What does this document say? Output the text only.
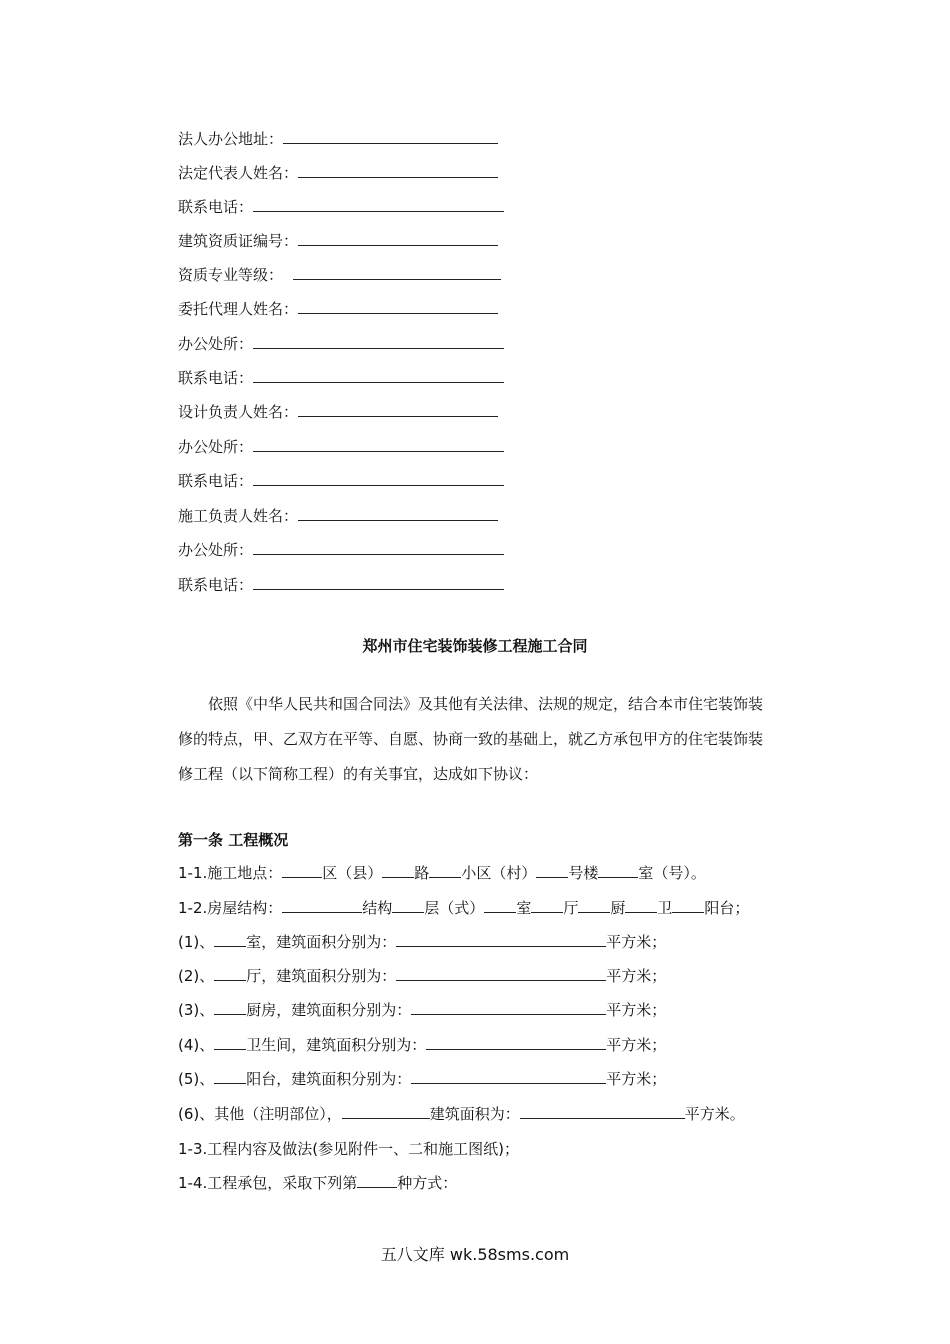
法人办公地址：
法定代表人姓名：
联系电话：
建筑资质证编号：
资质专业等级：
委托代理人姓名：
办公处所：
联系电话：
设计负责人姓名：
办公处所：
联系电话：
施工负责人姓名：
办公处所：
联系电话：
郑州市住宅装饰装修工程施工合同
依照《中华人民共和国合同法》及其他有关法律、法规的规定，结合本市住宅装饰装
修的特点，甲、乙双方在平等、自愿、协商一致的基础上，就乙方承包甲方的住宅装饰装
修工程（以下简称工程）的有关事宜，达成如下协议：
第一条 工程概况
1-1.施工地点：	区（县） 路 小区（村） 号楼	室（号）。
1-2.房屋结构：	结构 层（式） 室 厅 厨 卫 阳台；
(1)、 室，建筑面积分别为：	平方米；
(2)、 厅，建筑面积分别为：	平方米；
(3)、 厨房，建筑面积分别为：	平方米；
(4)、 卫生间，建筑面积分别为：	平方米；
(5)、 阳台，建筑面积分别为：	平方米；
(6)、其他（注明部位），	建筑面积为：	平方米。
1-3.工程内容及做法(参见附件一、二和施工图纸)；
1-4.工程承包，采取下列第	种方式：
五八文库 wk.58sms.com
